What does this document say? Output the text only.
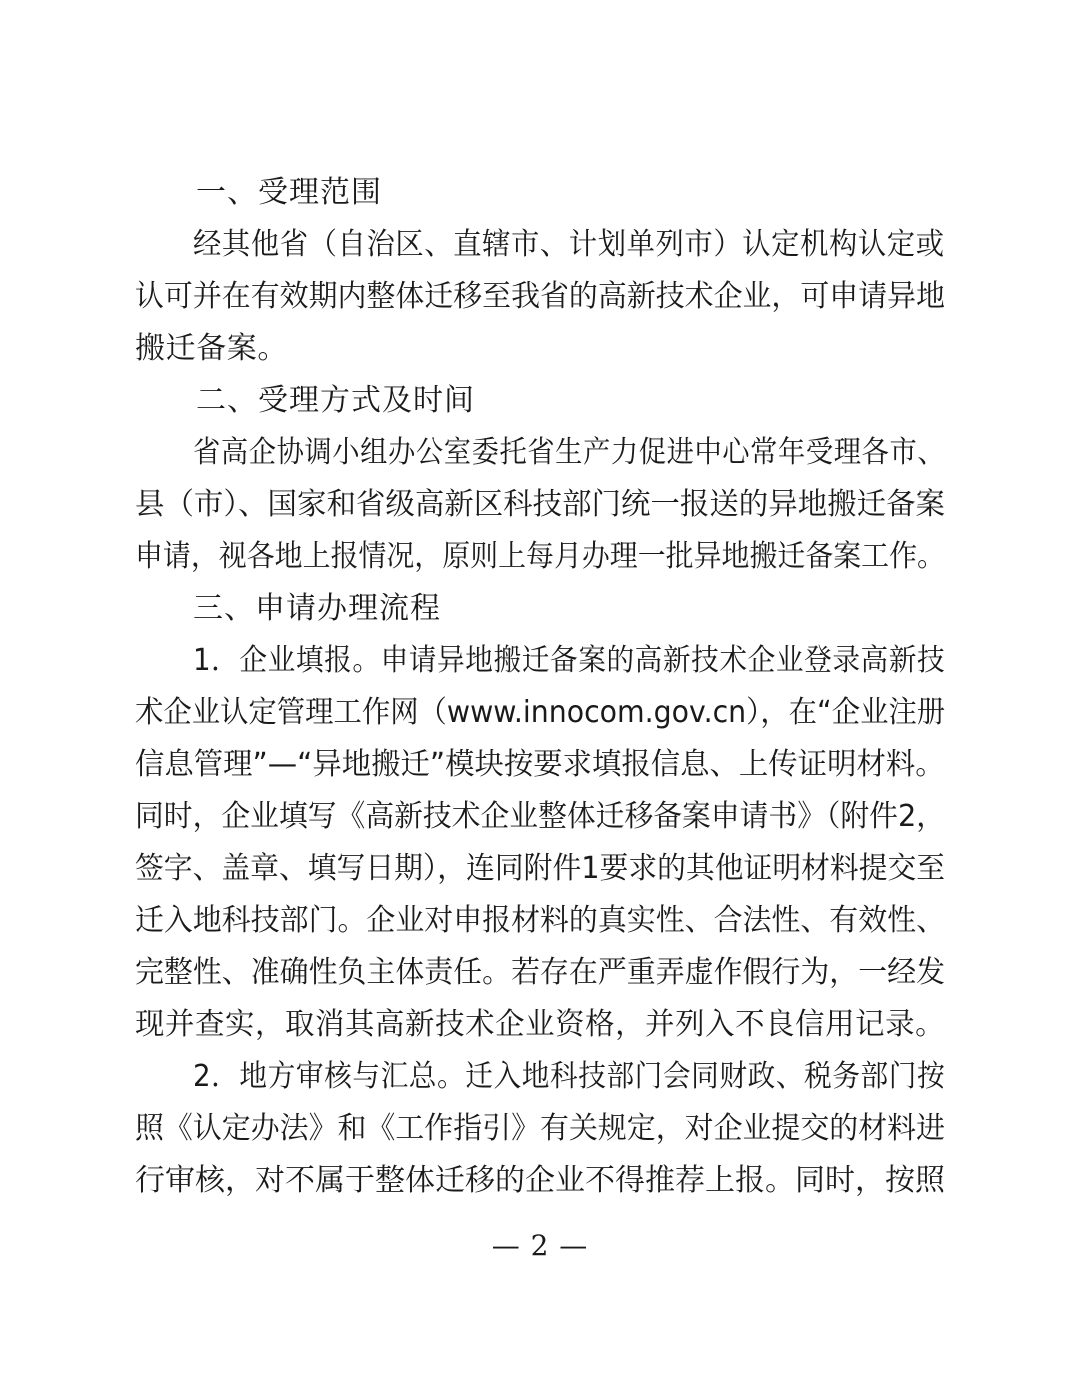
一、受理范围
经其他省（自治区、直辖市、计划单列市）认定机构认定或
认可并在有效期内整体迁移至我省的高新技术企业，可申请异地
搬迁备案。
二、受理方式及时间
省高企协调小组办公室委托省生产力促进中心常年受理各市、
县（市）、国家和省级高新区科技部门统一报送的异地搬迁备案
申请，视各地上报情况，原则上每月办理一批异地搬迁备案工作。
三、申请办理流程
1．企业填报。申请异地搬迁备案的高新技术企业登录高新技
术企业认定管理工作网（www.innocom.gov.cn），在“企业注册
信息管理”—“异地搬迁”模块按要求填报信息、上传证明材料。
同时，企业填写《高新技术企业整体迁移备案申请书》（附件2，
签字、盖章、填写日期），连同附件1要求的其他证明材料提交至
迁入地科技部门。企业对申报材料的真实性、合法性、有效性、
完整性、准确性负主体责任。若存在严重弄虚作假行为，一经发
现并查实，取消其高新技术企业资格，并列入不良信用记录。
2．地方审核与汇总。迁入地科技部门会同财政、税务部门按
照《认定办法》和《工作指引》有关规定，对企业提交的材料进
行审核，对不属于整体迁移的企业不得推荐上报。同时，按照
— 2 —
